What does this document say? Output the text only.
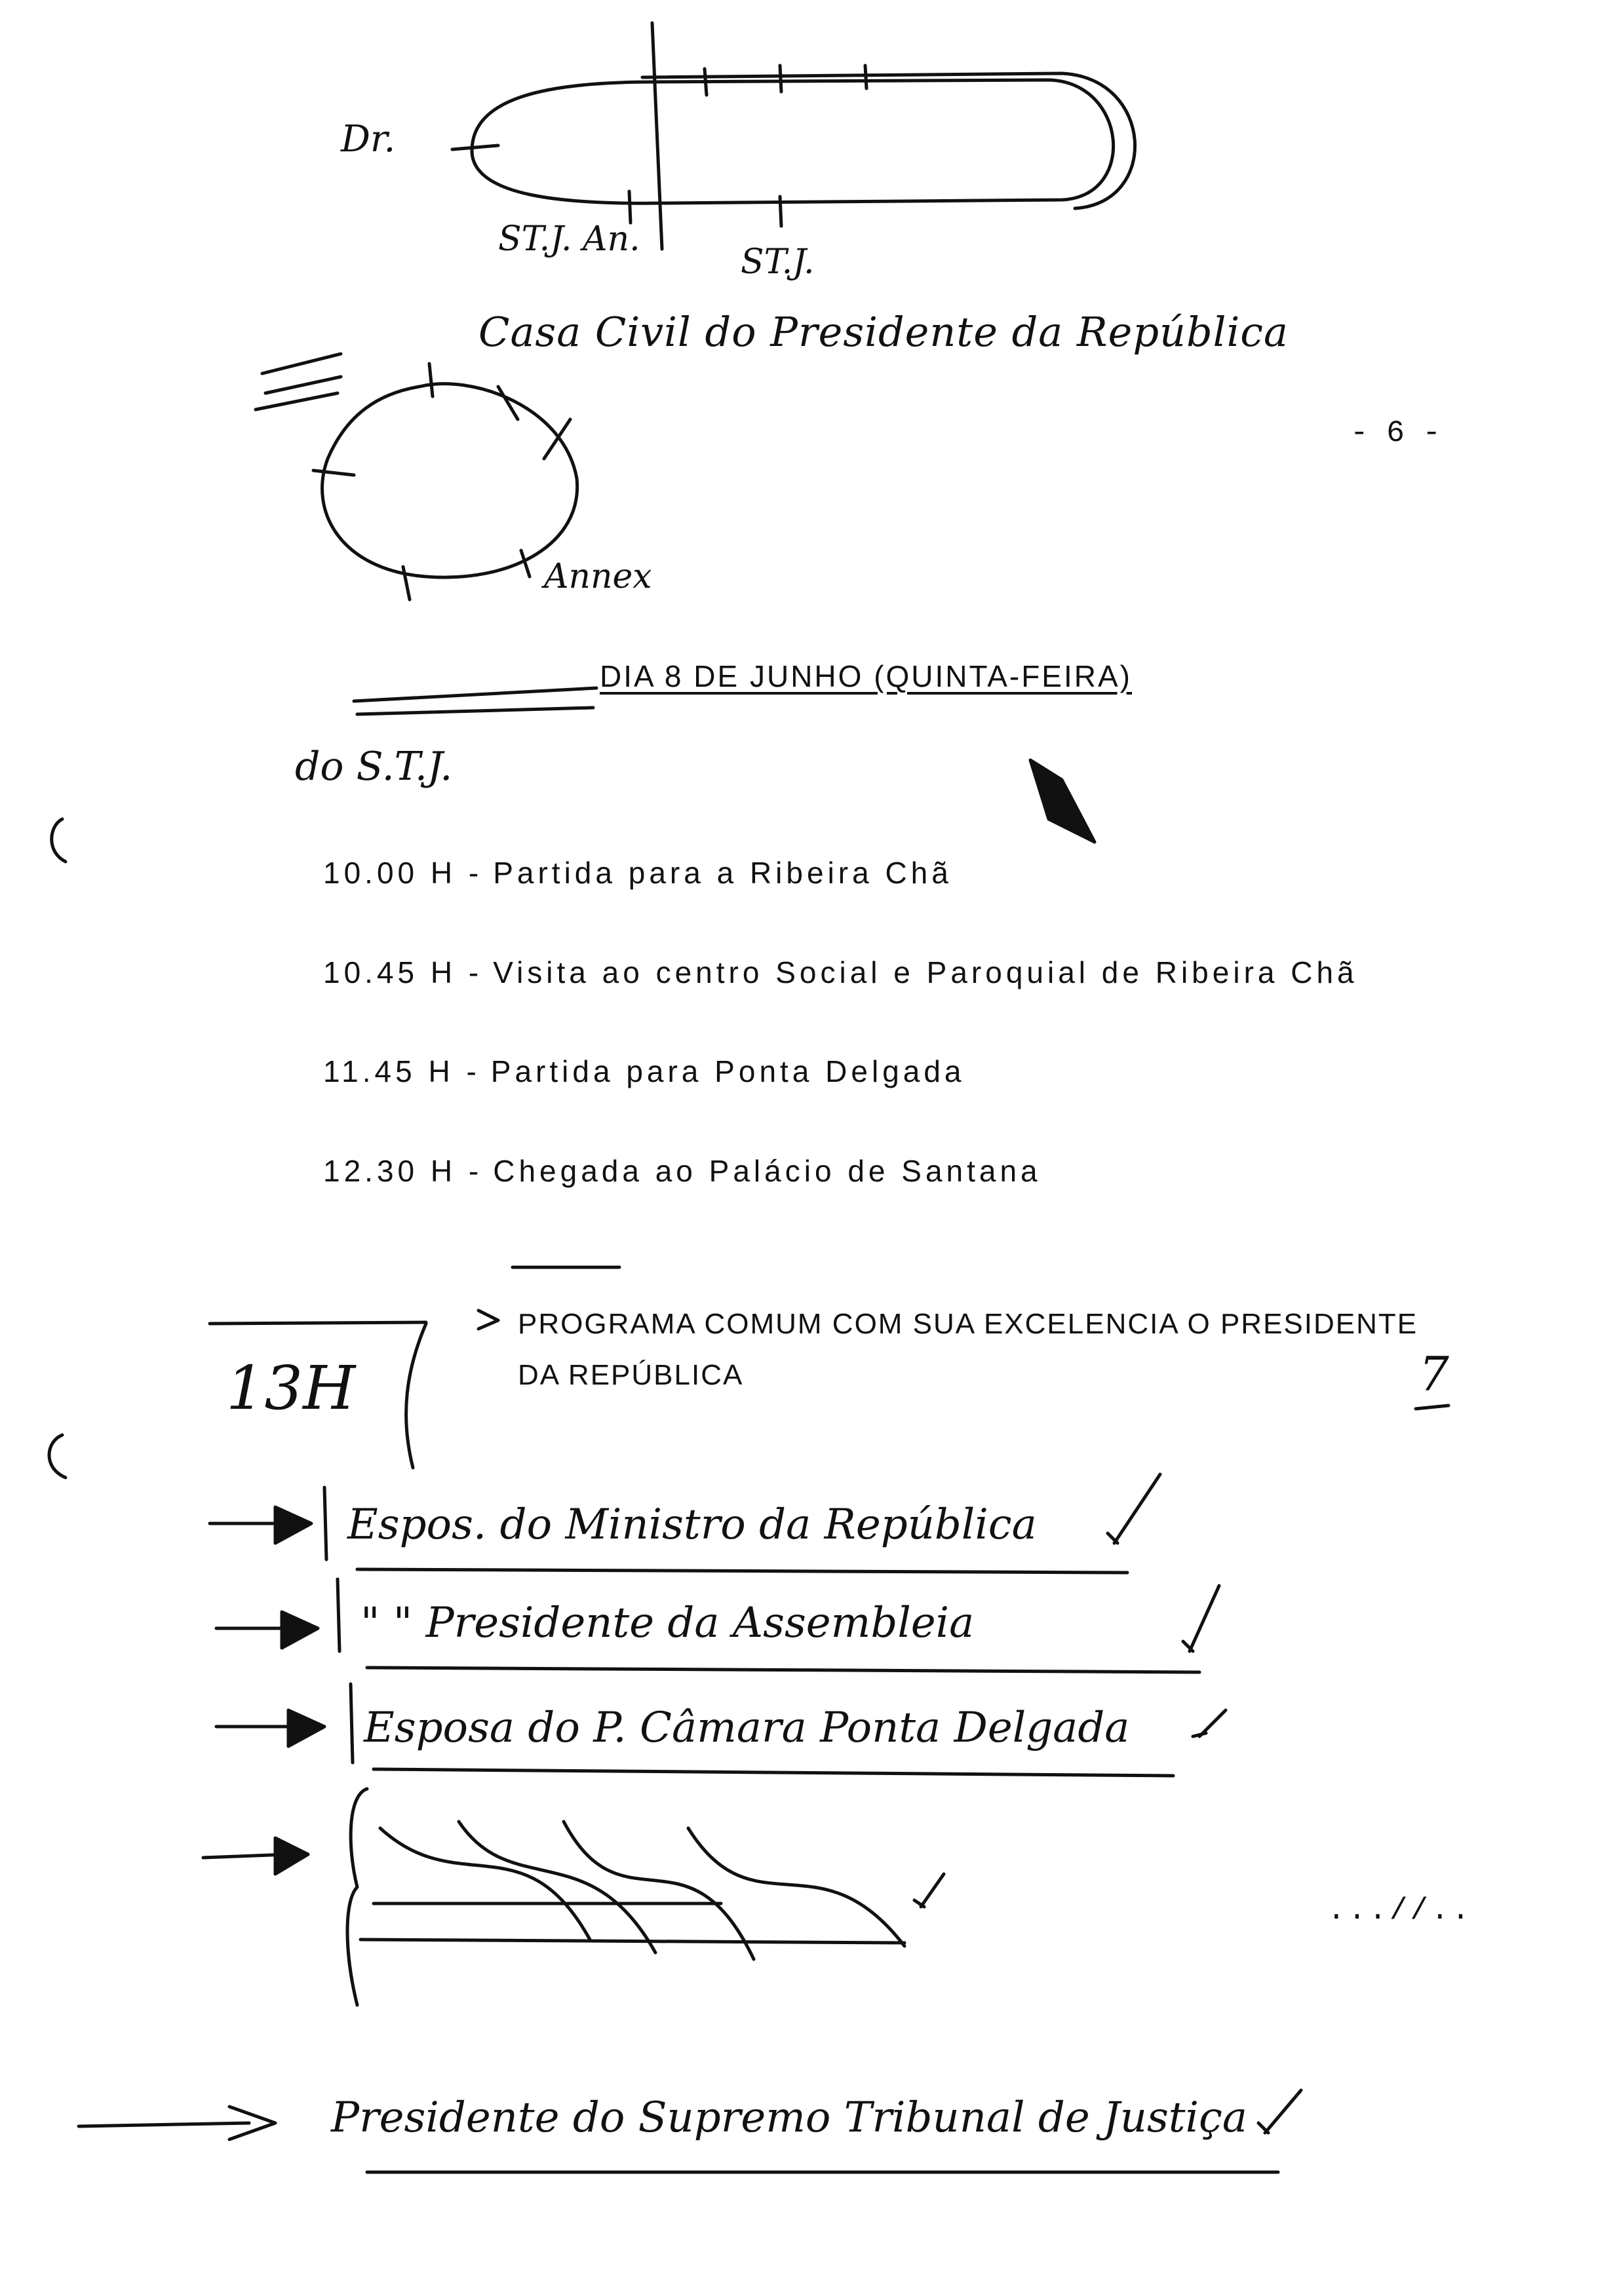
Dr.
ST.J. An.
ST.J.
Annex
do S.T.J.
13H	7
Espos. do Ministro da República
" " Presidente da Assembleia
Esposa do P. Câmara Ponta Delgada
Presidente do Supremo Tribunal de Justiça
Casa Civil do Presidente da República
- 6 -
DIA 8 DE JUNHO (QUINTA-FEIRA)
10.00 H - Partida para a Ribeira Chã
10.45 H - Visita ao centro Social e Paroquial de Ribeira Chã
11.45 H - Partida para Ponta Delgada
12.30 H - Chegada ao Palácio de Santana
PROGRAMA COMUM COM SUA EXCELENCIA O PRESIDENTE DA REPÚBLICA
...//..
